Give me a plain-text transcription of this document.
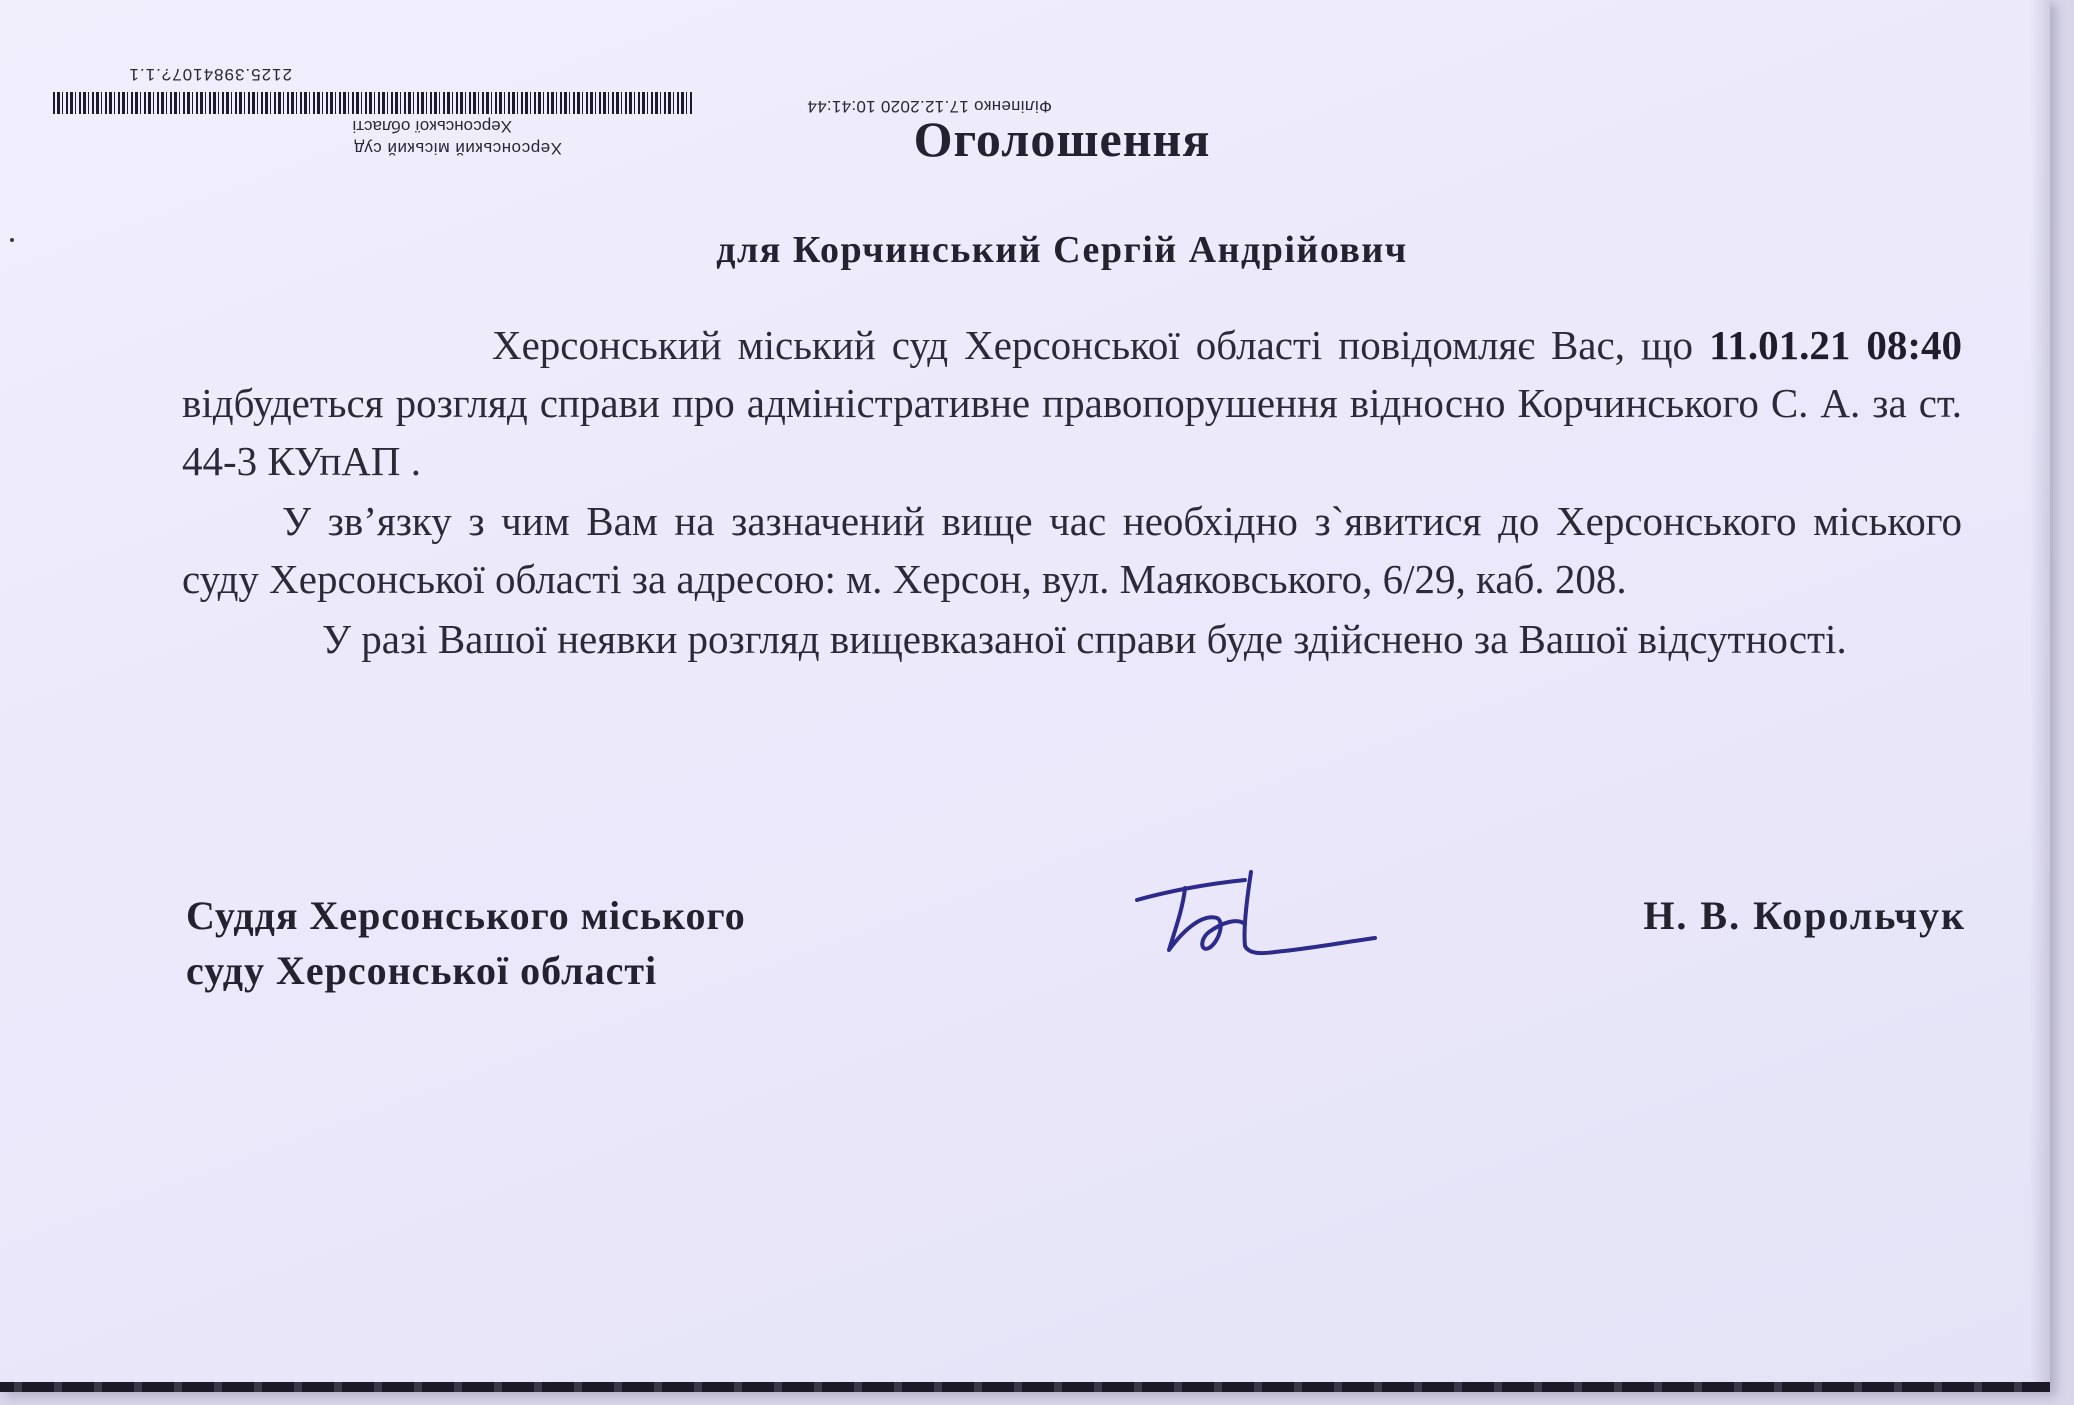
Херсонський міський суд
Херсонської області
Філіпенко 17.12.2020 10:41:44
2125.3984107?.1.1
Оголошення
для Корчинський Сергій Андрійович

Херсонський міський суд Херсонської області повідомляє Вас, що 11.01.21 08:40 відбудеться розгляд справи про адміністративне правопорушення відносно Корчинського С. А. за ст. 44-3 КУпАП .

У зв’язку з чим Вам на зазначений вище час необхідно з`явитися до Херсонського міського суду Херсонської області за адресою: м. Херсон, вул. Маяковського, 6/29, каб. 208.

У разі Вашої неявки розгляд вищевказаної справи буде здійснено за Вашої відсутності.

Суддя Херсонського міського
суду Херсонської області
Н. В. Корольчук
